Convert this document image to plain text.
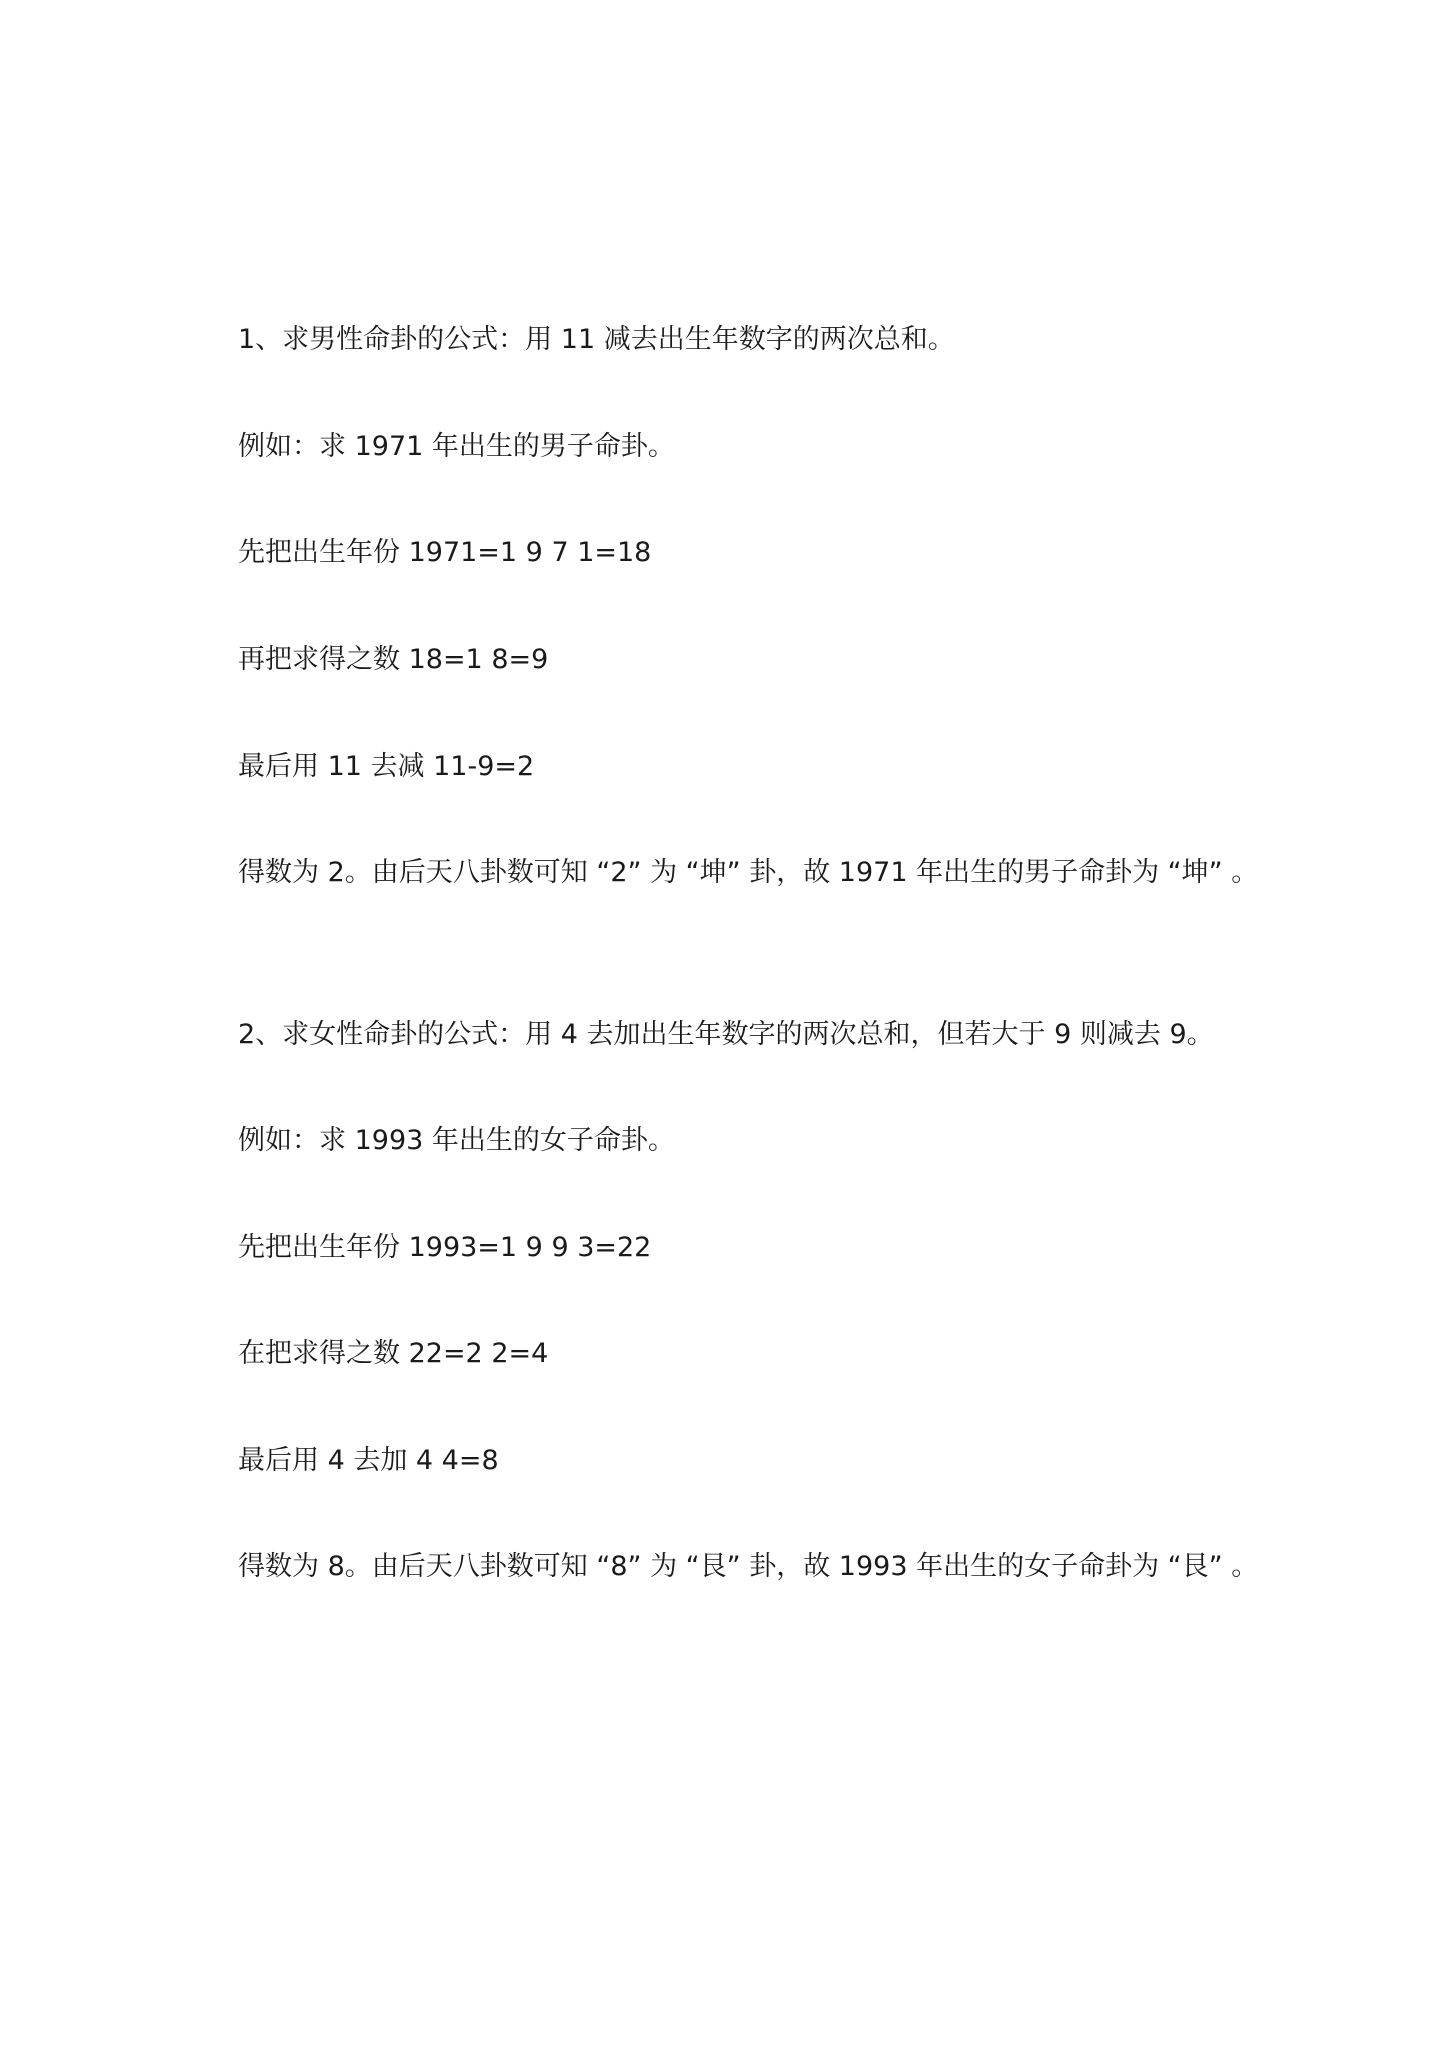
1、求男性命卦的公式：用 11 减去出生年数字的两次总和。

例如：求 1971 年出生的男子命卦。

先把出生年份 1971=1 9 7 1=18

再把求得之数 18=1 8=9

最后用 11 去减 11-9=2

得数为 2。由后天八卦数可知 “2” 为 “坤” 卦，故 1971 年出生的男子命卦为 “坤” 。

2、求女性命卦的公式：用 4 去加出生年数字的两次总和，但若大于 9 则减去 9。

例如：求 1993 年出生的女子命卦。

先把出生年份 1993=1 9 9 3=22

在把求得之数 22=2 2=4

最后用 4 去加 4 4=8

得数为 8。由后天八卦数可知 “8” 为 “艮” 卦，故 1993 年出生的女子命卦为 “艮” 。
